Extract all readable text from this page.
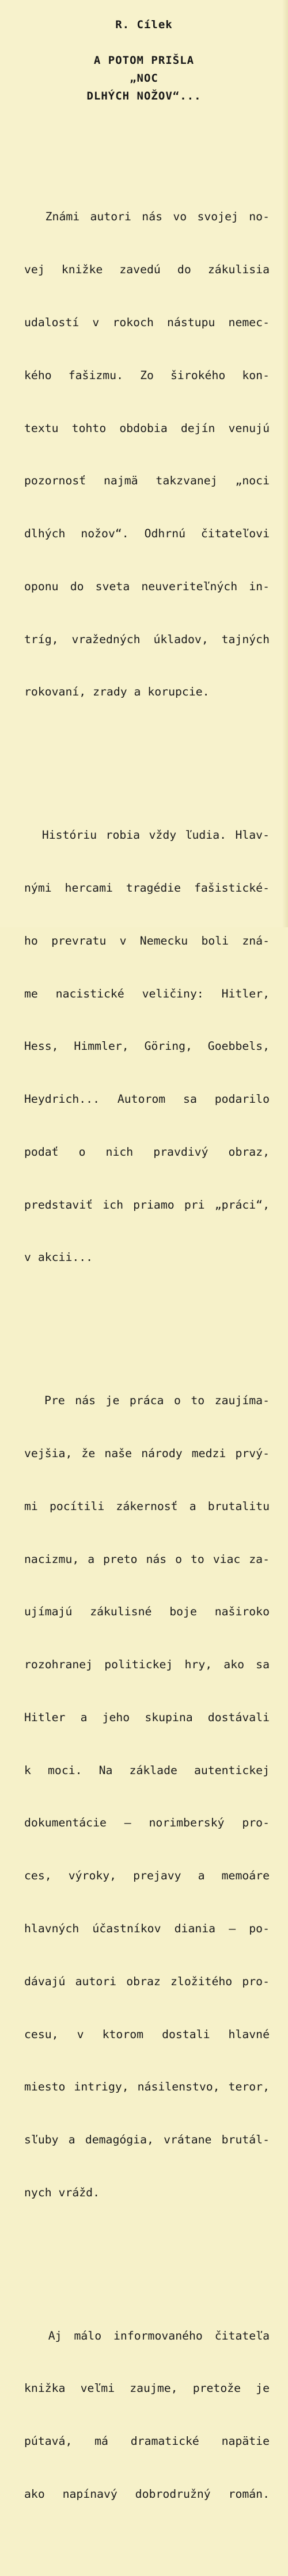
R. Cílek
A POTOM PRIŠLA
„NOC
DLHÝCH NOŽOV“...

Známi autori nás vo svojej no-

vej knižke zavedú do zákulisia

udalostí v rokoch nástupu nemec-

kého fašizmu. Zo širokého kon-

textu tohto obdobia dejín venujú

pozornosť najmä takzvanej „noci

dlhých nožov“. Odhrnú čitateľovi

oponu do sveta neuveriteľných in-

tríg, vražedných úkladov, tajných

rokovaní, zrady a korupcie.

Históriu robia vždy ľudia. Hlav-

nými hercami tragédie fašistické-

ho prevratu v Nemecku boli zná-

me nacistické veličiny: Hitler,

Hess, Himmler, Göring, Goebbels,

Heydrich... Autorom sa podarilo

podať o nich pravdivý obraz,

predstaviť ich priamo pri „práci“,

v akcii...

Pre nás je práca o to zaujíma-

vejšia, že naše národy medzi prvý-

mi pocítili zákernosť a brutalitu

nacizmu, a preto nás o to viac za-

ujímajú zákulisné boje naširoko

rozohranej politickej hry, ako sa

Hitler a jeho skupina dostávali

k moci. Na základe autentickej

dokumentácie — norimberský pro-

ces, výroky, prejavy a memoáre

hlavných účastníkov diania — po-

dávajú autori obraz zložitého pro-

cesu, v ktorom dostali hlavné

miesto intrigy, násilenstvo, teror,

sľuby a demagógia, vrátane brutál-

nych vrážd.

Aj málo informovaného čitateľa

knižka veľmi zaujme, pretože je

pútavá, má dramatické napätie

ako napínavý dobrodružný román.
